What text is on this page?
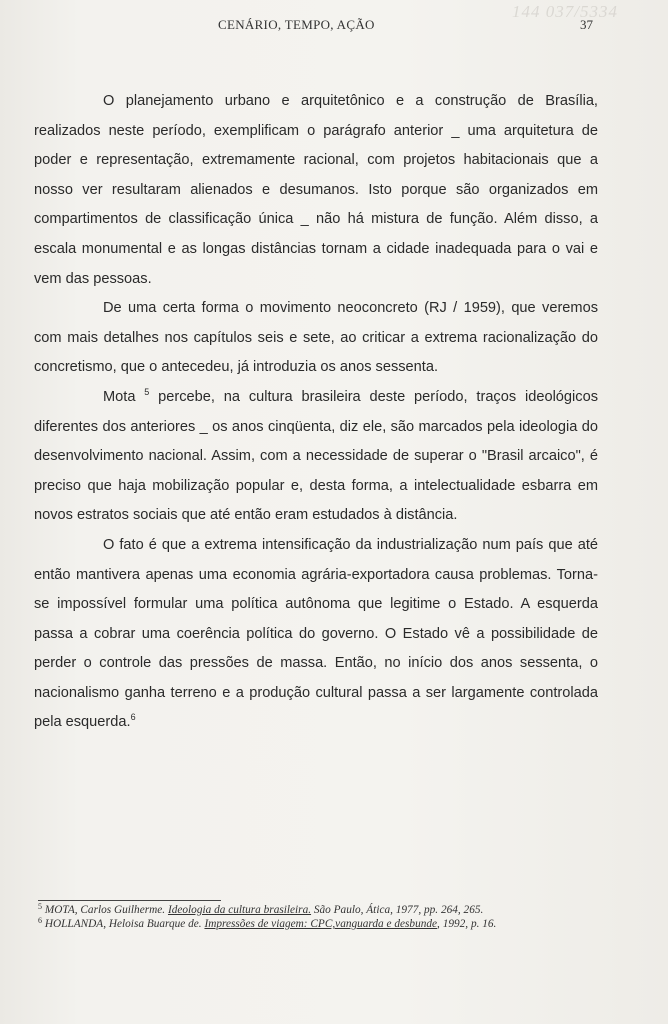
144 037/5334
CENÁRIO, TEMPO, AÇÃO	37

O planejamento urbano e arquitetônico e a construção de Brasília, realizados neste período, exemplificam o parágrafo anterior _ uma arquitetura de poder e representação, extremamente racional, com projetos habitacionais que a nosso ver resultaram alienados e desumanos. Isto porque são organizados em compartimentos de classificação única _ não há mistura de função. Além disso, a escala monumental e as longas distâncias tornam a cidade inadequada para o vai e vem das pessoas.

De uma certa forma o movimento neoconcreto (RJ / 1959), que veremos com mais detalhes nos capítulos seis e sete, ao criticar a extrema racionalização do concretismo, que o antecedeu, já introduzia os anos sessenta.

Mota $^5$ percebe, na cultura brasileira deste período, traços ideológicos diferentes dos anteriores _ os anos cinqüenta, diz ele, são marcados pela ideologia do desenvolvimento nacional. Assim, com a necessidade de superar o "Brasil arcaico", é preciso que haja mobilização popular e, desta forma, a intelectualidade esbarra em novos estratos sociais que até então eram estudados à distância.

O fato é que a extrema intensificação da industrialização num país que até então mantivera apenas uma economia agrária-exportadora causa problemas. Torna-se impossível formular uma política autônoma que legitime o Estado. A esquerda passa a cobrar uma coerência política do governo. O Estado vê a possibilidade de perder o controle das pressões de massa. Então, no início dos anos sessenta, o nacionalismo ganha terreno e a produção cultural passa a ser largamente controlada pela esquerda.$^6$

$^5$ MOTA, Carlos Guilherme. Ideologia da cultura brasileira. São Paulo, Ática, 1977, pp. 264, 265.
$^6$ HOLLANDA, Heloisa Buarque de. Impressões de viagem: CPC,vanguarda e desbunde, 1992, p. 16.
